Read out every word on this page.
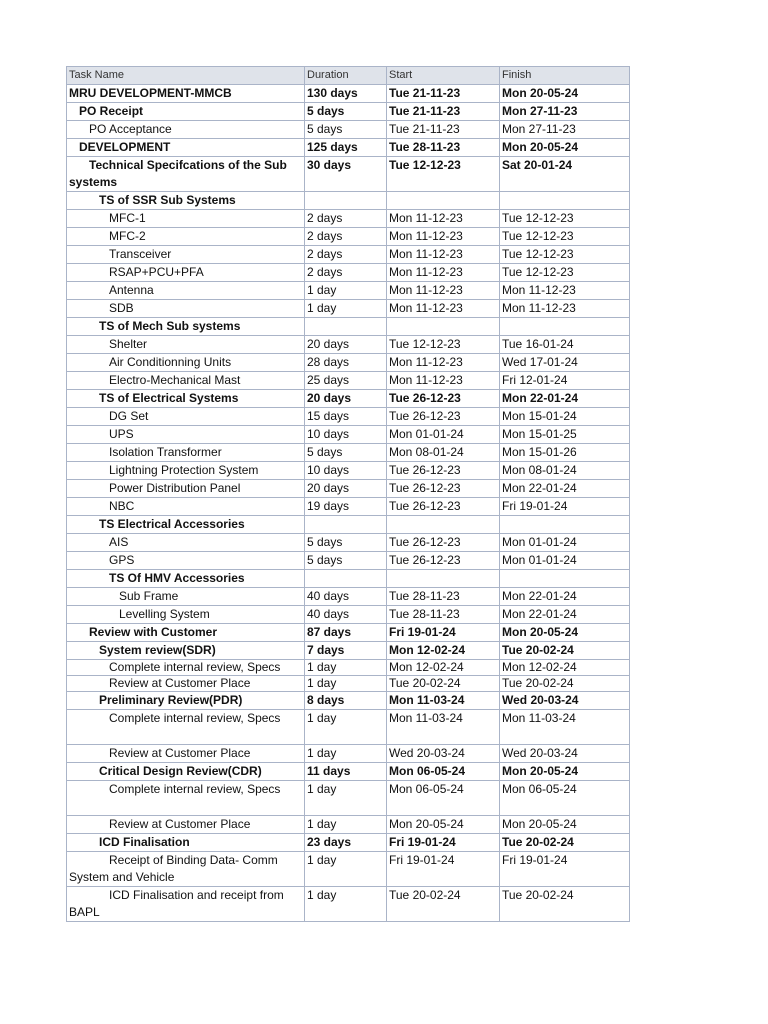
Task Name	Duration	Start	Finish
MRU DEVELOPMENT-MMCB	130 days	Tue 21-11-23	Mon 20-05-24
PO Receipt	5 days	Tue 21-11-23	Mon 27-11-23
PO Acceptance	5 days	Tue 21-11-23	Mon 27-11-23
DEVELOPMENT	125 days	Tue 28-11-23	Mon 20-05-24
Technical Specifcations of the Sub systems	30 days	Tue 12-12-23	Sat 20-01-24
TS of SSR Sub Systems			
MFC-1	2 days	Mon 11-12-23	Tue 12-12-23
MFC-2	2 days	Mon 11-12-23	Tue 12-12-23
Transceiver	2 days	Mon 11-12-23	Tue 12-12-23
RSAP+PCU+PFA	2 days	Mon 11-12-23	Tue 12-12-23
Antenna	1 day	Mon 11-12-23	Mon 11-12-23
SDB	1 day	Mon 11-12-23	Mon 11-12-23
TS of Mech Sub systems			
Shelter	20 days	Tue 12-12-23	Tue 16-01-24
Air Conditionning Units	28 days	Mon 11-12-23	Wed 17-01-24
Electro-Mechanical Mast	25 days	Mon 11-12-23	Fri 12-01-24
TS of Electrical Systems	20 days	Tue 26-12-23	Mon 22-01-24
DG Set	15 days	Tue 26-12-23	Mon 15-01-24
UPS	10 days	Mon 01-01-24	Mon 15-01-25
Isolation Transformer	5 days	Mon 08-01-24	Mon 15-01-26
Lightning Protection System	10 days	Tue 26-12-23	Mon 08-01-24
Power Distribution Panel	20 days	Tue 26-12-23	Mon 22-01-24
NBC	19 days	Tue 26-12-23	Fri 19-01-24
TS Electrical Accessories			
AIS	5 days	Tue 26-12-23	Mon 01-01-24
GPS	5 days	Tue 26-12-23	Mon 01-01-24
TS Of HMV Accessories			
Sub Frame	40 days	Tue 28-11-23	Mon 22-01-24
Levelling System	40 days	Tue 28-11-23	Mon 22-01-24
Review with Customer	87 days	Fri 19-01-24	Mon 20-05-24
System review(SDR)	7 days	Mon 12-02-24	Tue 20-02-24
Complete internal review, Specs	1 day	Mon 12-02-24	Mon 12-02-24
Review at Customer Place	1 day	Tue 20-02-24	Tue 20-02-24
Preliminary Review(PDR)	8 days	Mon 11-03-24	Wed 20-03-24
Complete internal review, Specs	1 day	Mon 11-03-24	Mon 11-03-24
Review at Customer Place	1 day	Wed 20-03-24	Wed 20-03-24
Critical Design Review(CDR)	11 days	Mon 06-05-24	Mon 20-05-24
Complete internal review, Specs	1 day	Mon 06-05-24	Mon 06-05-24
Review at Customer Place	1 day	Mon 20-05-24	Mon 20-05-24
ICD Finalisation	23 days	Fri 19-01-24	Tue 20-02-24
Receipt of Binding Data- Comm System and Vehicle	1 day	Fri 19-01-24	Fri 19-01-24
ICD Finalisation and receipt from BAPL	1 day	Tue 20-02-24	Tue 20-02-24
